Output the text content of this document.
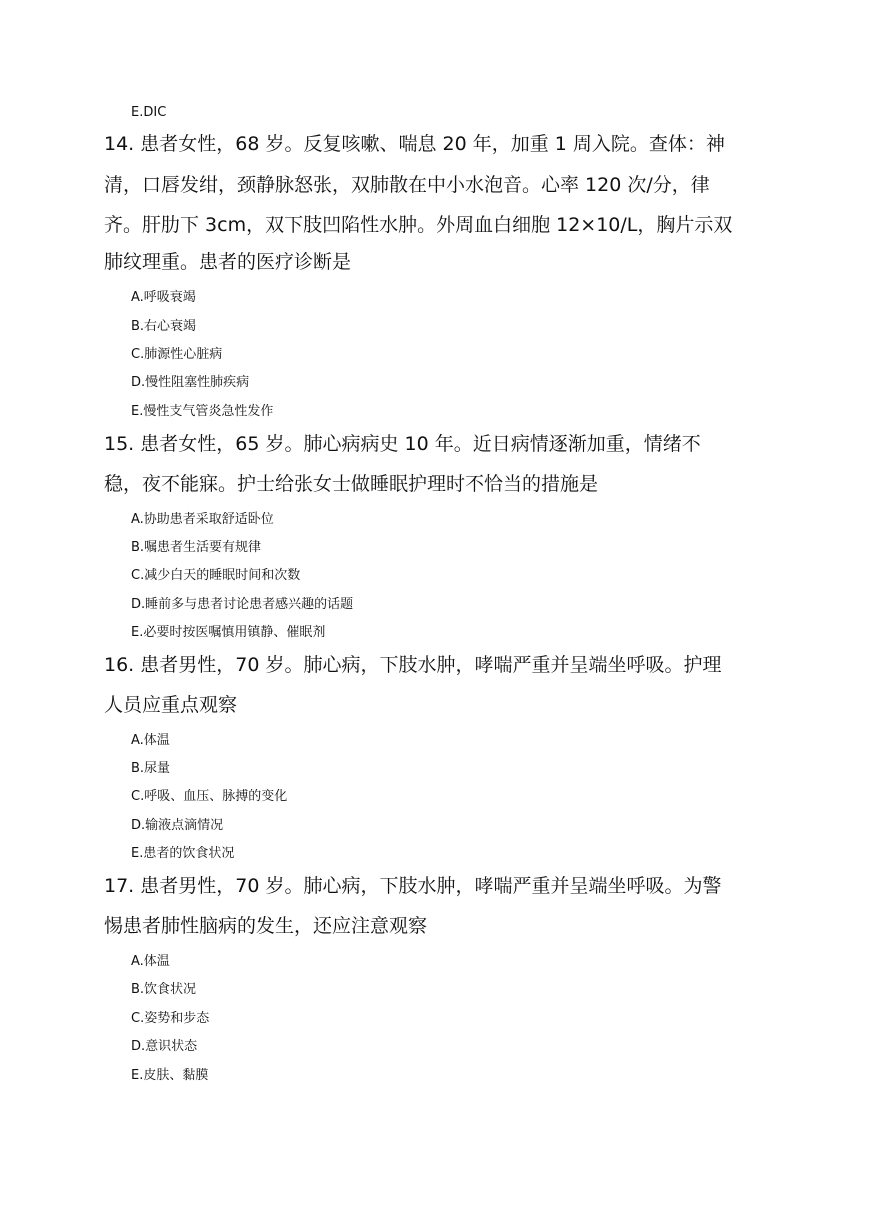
E.DIC
14. 患者女性，68 岁。反复咳嗽、喘息 20 年，加重 1 周入院。查体：神
清，口唇发绀，颈静脉怒张，双肺散在中小水泡音。心率 120 次/分，律
齐。肝肋下 3cm，双下肢凹陷性水肿。外周血白细胞 12×10/L，胸片示双
肺纹理重。患者的医疗诊断是
A.呼吸衰竭
B.右心衰竭
C.肺源性心脏病
D.慢性阻塞性肺疾病
E.慢性支气管炎急性发作
15. 患者女性，65 岁。肺心病病史 10 年。近日病情逐渐加重，情绪不
稳，夜不能寐。护士给张女士做睡眠护理时不恰当的措施是
A.协助患者采取舒适卧位
B.嘱患者生活要有规律
C.减少白天的睡眠时间和次数
D.睡前多与患者讨论患者感兴趣的话题
E.必要时按医嘱慎用镇静、催眠剂
16. 患者男性，70 岁。肺心病，下肢水肿，哮喘严重并呈端坐呼吸。护理
人员应重点观察
A.体温
B.尿量
C.呼吸、血压、脉搏的变化
D.输液点滴情况
E.患者的饮食状况
17. 患者男性，70 岁。肺心病，下肢水肿，哮喘严重并呈端坐呼吸。为警
惕患者肺性脑病的发生，还应注意观察
A.体温
B.饮食状况
C.姿势和步态
D.意识状态
E.皮肤、黏膜
